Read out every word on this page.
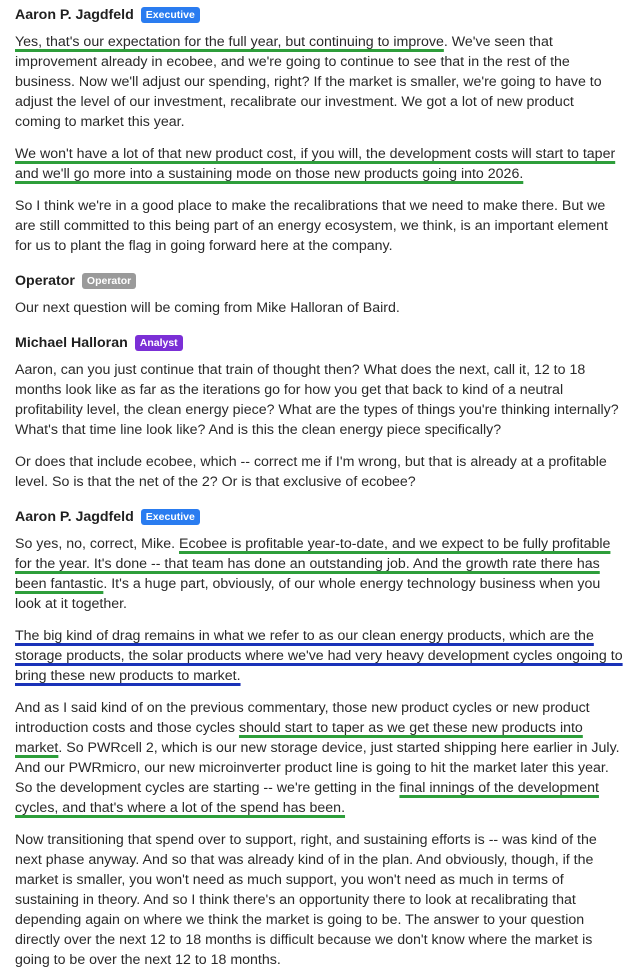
Aaron P. Jagdfeld	Executive

Yes, that's our expectation for the full year, but continuing to improve. We've seen that improvement already in ecobee, and we're going to continue to see that in the rest of the business. Now we'll adjust our spending, right? If the market is smaller, we're going to have to adjust the level of our investment, recalibrate our investment. We got a lot of new product coming to market this year.

We won't have a lot of that new product cost, if you will, the development costs will start to taper and we'll go more into a sustaining mode on those new products going into 2026.

So I think we're in a good place to make the recalibrations that we need to make there. But we are still committed to this being part of an energy ecosystem, we think, is an important element for us to plant the flag in going forward here at the company.

Operator	Operator

Our next question will be coming from Mike Halloran of Baird.

Michael Halloran	Analyst

Aaron, can you just continue that train of thought then? What does the next, call it, 12 to 18 months look like as far as the iterations go for how you get that back to kind of a neutral profitability level, the clean energy piece? What are the types of things you're thinking internally? What's that time line look like? And is this the clean energy piece specifically?

Or does that include ecobee, which -- correct me if I'm wrong, but that is already at a profitable level. So is that the net of the 2? Or is that exclusive of ecobee?

Aaron P. Jagdfeld	Executive

So yes, no, correct, Mike. Ecobee is profitable year-to-date, and we expect to be fully profitable for the year. It's done -- that team has done an outstanding job. And the growth rate there has been fantastic. It's a huge part, obviously, of our whole energy technology business when you look at it together.

The big kind of drag remains in what we refer to as our clean energy products, which are the storage products, the solar products where we've had very heavy development cycles ongoing to bring these new products to market.

And as I said kind of on the previous commentary, those new product cycles or new product introduction costs and those cycles should start to taper as we get these new products into market. So PWRcell 2, which is our new storage device, just started shipping here earlier in July. And our PWRmicro, our new microinverter product line is going to hit the market later this year. So the development cycles are starting -- we're getting in the final innings of the development cycles, and that's where a lot of the spend has been.

Now transitioning that spend over to support, right, and sustaining efforts is -- was kind of the next phase anyway. And so that was already kind of in the plan. And obviously, though, if the market is smaller, you won't need as much support, you won't need as much in terms of sustaining in theory. And so I think there's an opportunity there to look at recalibrating that depending again on where we think the market is going to be. The answer to your question directly over the next 12 to 18 months is difficult because we don't know where the market is going to be over the next 12 to 18 months.
